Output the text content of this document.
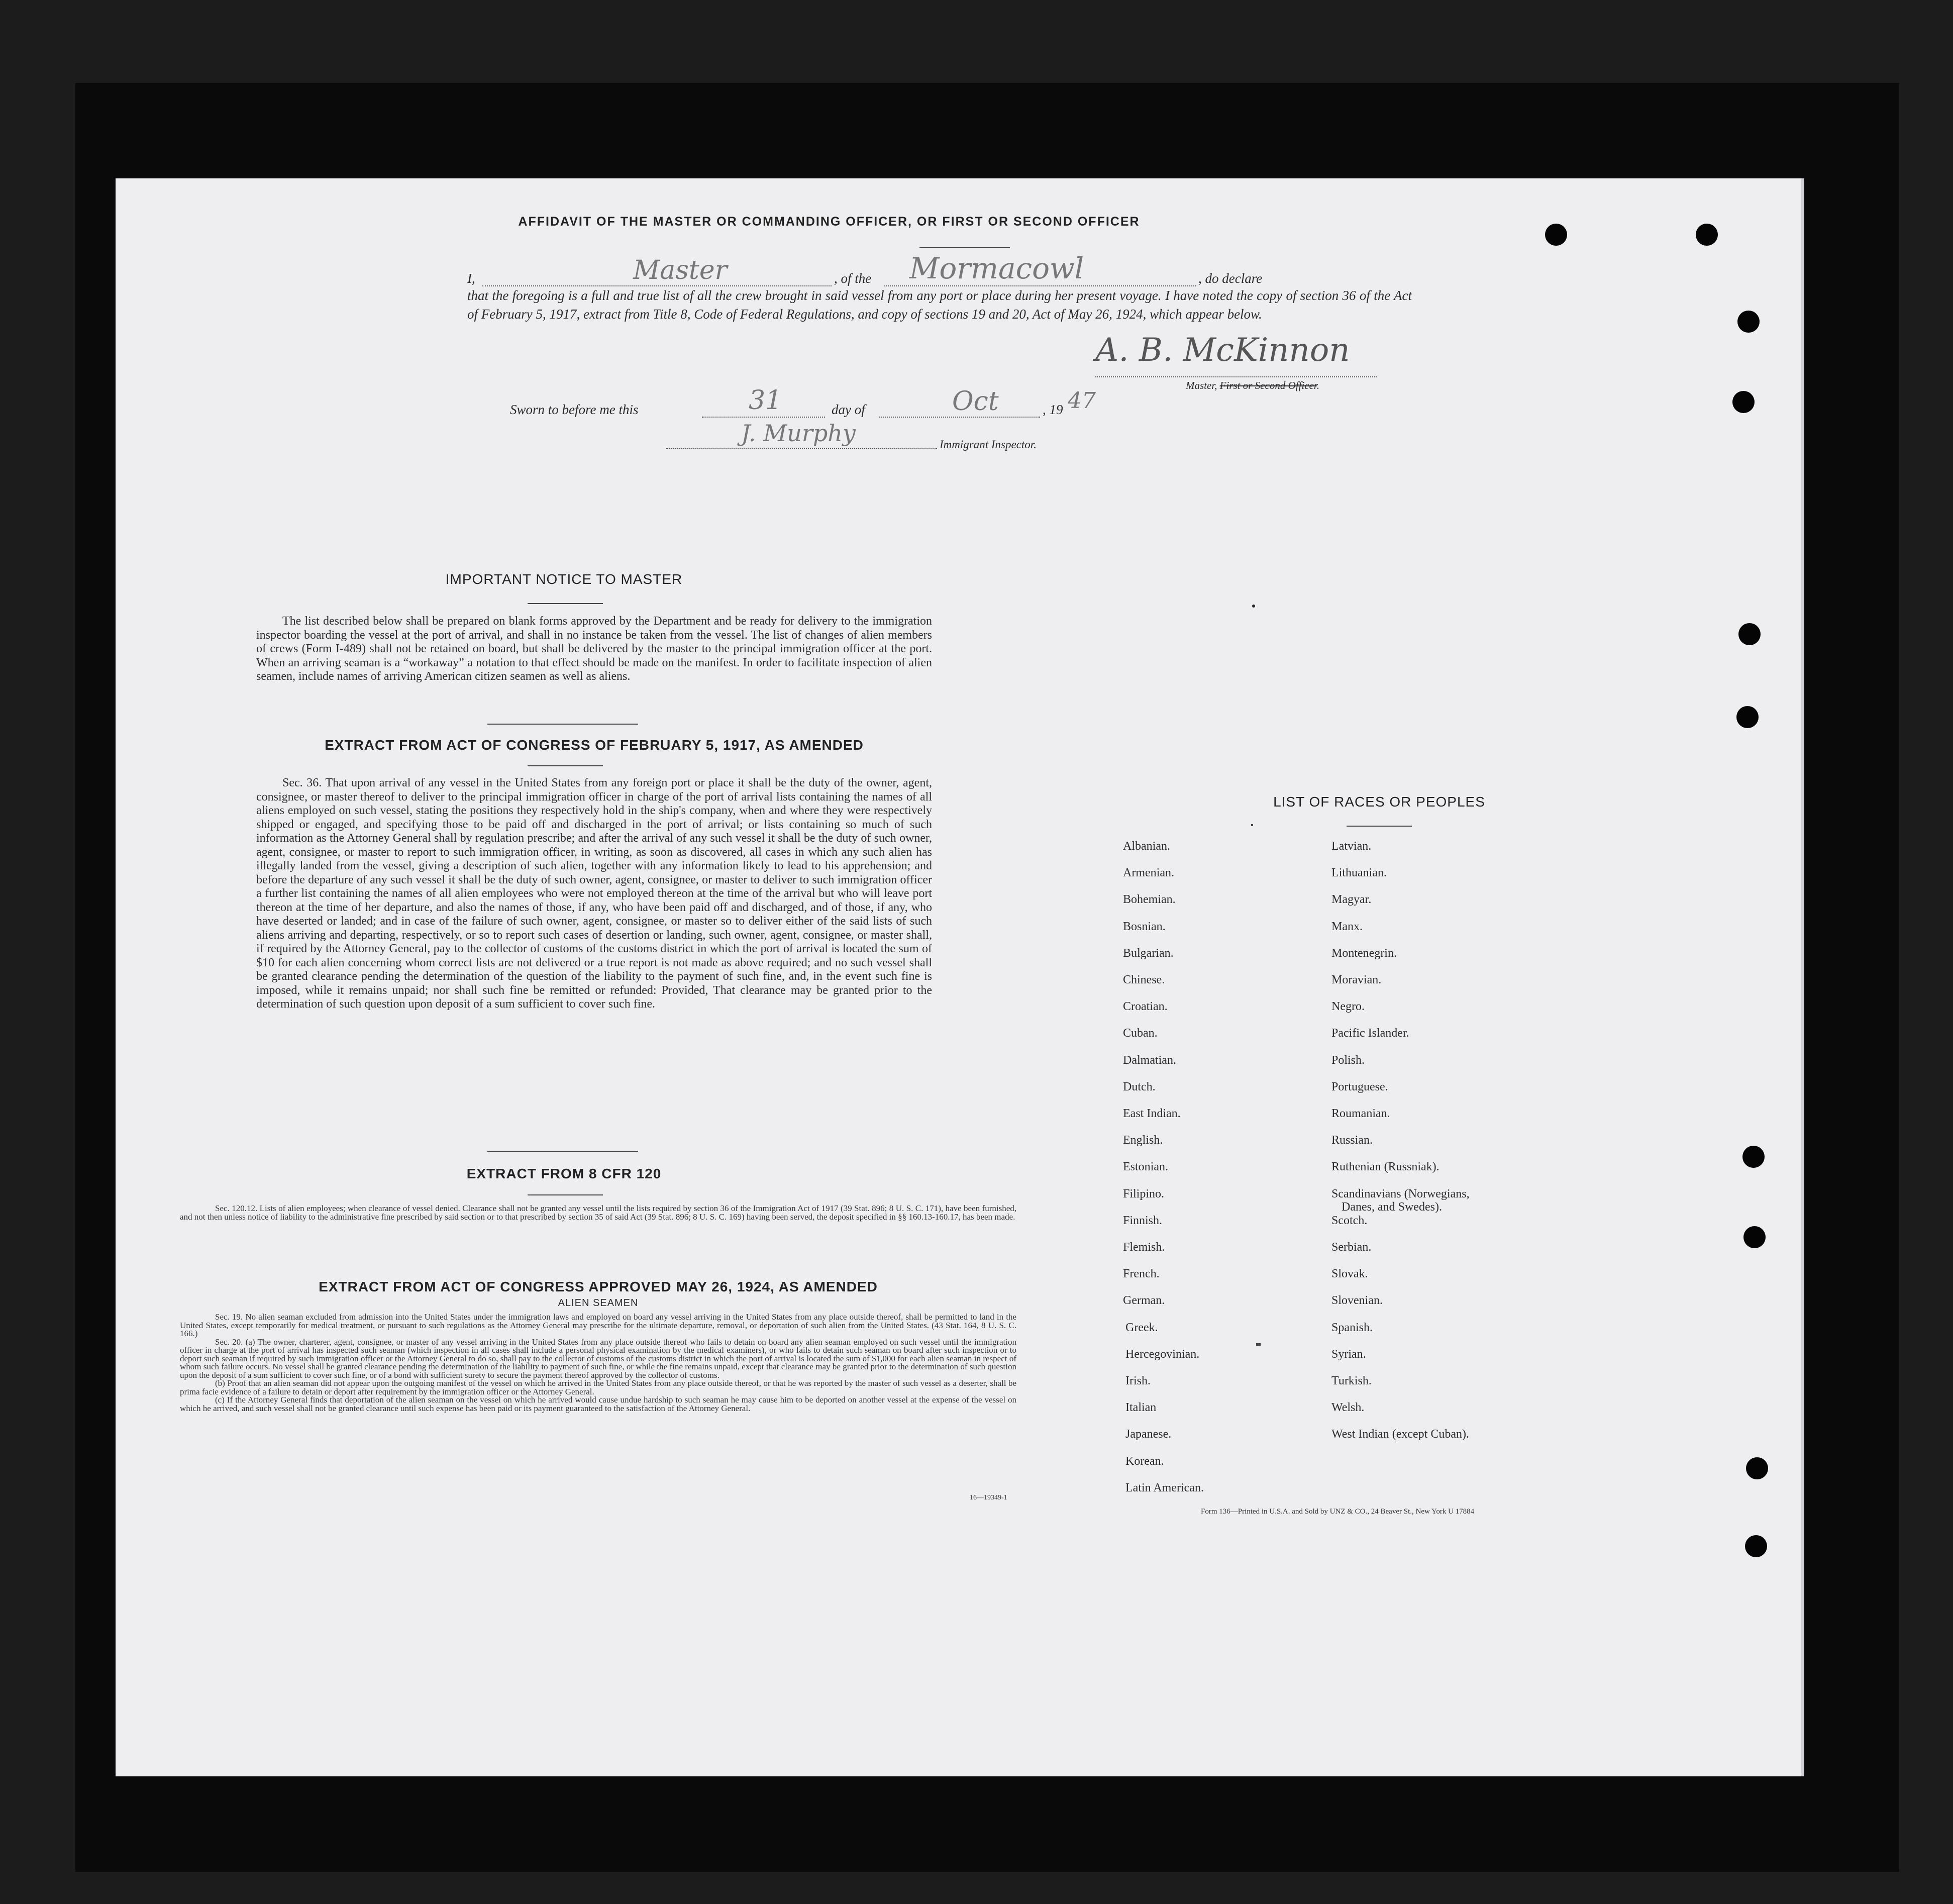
AFFIDAVIT OF THE MASTER OR COMMANDING OFFICER, OR FIRST OR SECOND OFFICER
I,	Master	, of the Mormacowl	, do declare
that the foregoing is a full and true list of all the crew brought in said vessel from any port or place during her present voyage. I have noted the copy of section 36 of the Act of February 5, 1917, extract from Title 8, Code of Federal Regulations, and copy of sections 19 and 20, Act of May 26, 1924, which appear below.
A. B. McKinnon
Master, First or Second Officer.
Sworn to before me this	31	day of	Oct	, 19 47
J. Murphy	Immigrant Inspector.
IMPORTANT NOTICE TO MASTER
The list described below shall be prepared on blank forms approved by the Department and be ready for delivery to the immigration inspector boarding the vessel at the port of arrival, and shall in no instance be taken from the vessel. The list of changes of alien members of crews (Form I-489) shall not be retained on board, but shall be delivered by the master to the principal immigration officer at the port. When an arriving seaman is a “workaway” a notation to that effect should be made on the manifest. In order to facilitate inspection of alien seamen, include names of arriving American citizen seamen as well as aliens.
EXTRACT FROM ACT OF CONGRESS OF FEBRUARY 5, 1917, AS AMENDED
Sec. 36. That upon arrival of any vessel in the United States from any foreign port or place it shall be the duty of the owner, agent, consignee, or master thereof to deliver to the principal immigration officer in charge of the port of arrival lists containing the names of all aliens employed on such vessel, stating the positions they respectively hold in the ship's company, when and where they were respectively shipped or engaged, and specifying those to be paid off and discharged in the port of arrival; or lists containing so much of such information as the Attorney General shall by regulation prescribe; and after the arrival of any such vessel it shall be the duty of such owner, agent, consignee, or master to report to such immigration officer, in writing, as soon as discovered, all cases in which any such alien has illegally landed from the vessel, giving a description of such alien, together with any information likely to lead to his apprehension; and before the departure of any such vessel it shall be the duty of such owner, agent, consignee, or master to deliver to such immigration officer a further list containing the names of all alien employees who were not employed thereon at the time of the arrival but who will leave port thereon at the time of her departure, and also the names of those, if any, who have been paid off and discharged, and of those, if any, who have deserted or landed; and in case of the failure of such owner, agent, consignee, or master so to deliver either of the said lists of such aliens arriving and departing, respectively, or so to report such cases of desertion or landing, such owner, agent, consignee, or master shall, if required by the Attorney General, pay to the collector of customs of the customs district in which the port of arrival is located the sum of $10 for each alien concerning whom correct lists are not delivered or a true report is not made as above required; and no such vessel shall be granted clearance pending the determination of the question of the liability to the payment of such fine, and, in the event such fine is imposed, while it remains unpaid; nor shall such fine be remitted or refunded: Provided, That clearance may be granted prior to the determination of such question upon deposit of a sum sufficient to cover such fine.
EXTRACT FROM 8 CFR 120
Sec. 120.12. Lists of alien employees; when clearance of vessel denied. Clearance shall not be granted any vessel until the lists required by section 36 of the Immigration Act of 1917 (39 Stat. 896; 8 U. S. C. 171), have been furnished, and not then unless notice of liability to the administrative fine prescribed by said section or to that prescribed by section 35 of said Act (39 Stat. 896; 8 U. S. C. 169) having been served, the deposit specified in §§ 160.13-160.17, has been made.
EXTRACT FROM ACT OF CONGRESS APPROVED MAY 26, 1924, AS AMENDED
ALIEN SEAMEN
Sec. 19. No alien seaman excluded from admission into the United States under the immigration laws and employed on board any vessel arriving in the United States from any place outside thereof, shall be permitted to land in the United States, except temporarily for medical treatment, or pursuant to such regulations as the Attorney General may prescribe for the ultimate departure, removal, or deportation of such alien from the United States. (43 Stat. 164, 8 U. S. C. 166.)
Sec. 20. (a) The owner, charterer, agent, consignee, or master of any vessel arriving in the United States from any place outside thereof who fails to detain on board any alien seaman employed on such vessel until the immigration officer in charge at the port of arrival has inspected such seaman (which inspection in all cases shall include a personal physical examination by the medical examiners), or who fails to detain such seaman on board after such inspection or to deport such seaman if required by such immigration officer or the Attorney General to do so, shall pay to the collector of customs of the customs district in which the port of arrival is located the sum of $1,000 for each alien seaman in respect of whom such failure occurs. No vessel shall be granted clearance pending the determination of the liability to payment of such fine, or while the fine remains unpaid, except that clearance may be granted prior to the determination of such question upon the deposit of a sum sufficient to cover such fine, or of a bond with sufficient surety to secure the payment thereof approved by the collector of customs.
(b) Proof that an alien seaman did not appear upon the outgoing manifest of the vessel on which he arrived in the United States from any place outside thereof, or that he was reported by the master of such vessel as a deserter, shall be prima facie evidence of a failure to detain or deport after requirement by the immigration officer or the Attorney General.
(c) If the Attorney General finds that deportation of the alien seaman on the vessel on which he arrived would cause undue hardship to such seaman he may cause him to be deported on another vessel at the expense of the vessel on which he arrived, and such vessel shall not be granted clearance until such expense has been paid or its payment guaranteed to the satisfaction of the Attorney General.
16—19349-1
LIST OF RACES OR PEOPLES
Form 136—Printed in U.S.A. and Sold by UNZ & CO., 24 Beaver St., New York U 17884
Albanian.
Armenian.
Bohemian.
Bosnian.
Bulgarian.
Chinese.
Croatian.
Cuban.
Dalmatian.
Dutch.
East Indian.
English.
Estonian.
Filipino.
Finnish.
Flemish.
French.
German.
Greek.
Hercegovinian.
Irish.
Italian
Japanese.
Korean.
Latin American.
Latvian.
Lithuanian.
Magyar.
Manx.
Montenegrin.
Moravian.
Negro.
Pacific Islander.
Polish.
Portuguese.
Roumanian.
Russian.
Ruthenian (Russniak).
Scandinavians (Norwegians,
Danes, and Swedes).
Scotch.
Serbian.
Slovak.
Slovenian.
Spanish.
Syrian.
Turkish.
Welsh.
West Indian (except Cuban).
